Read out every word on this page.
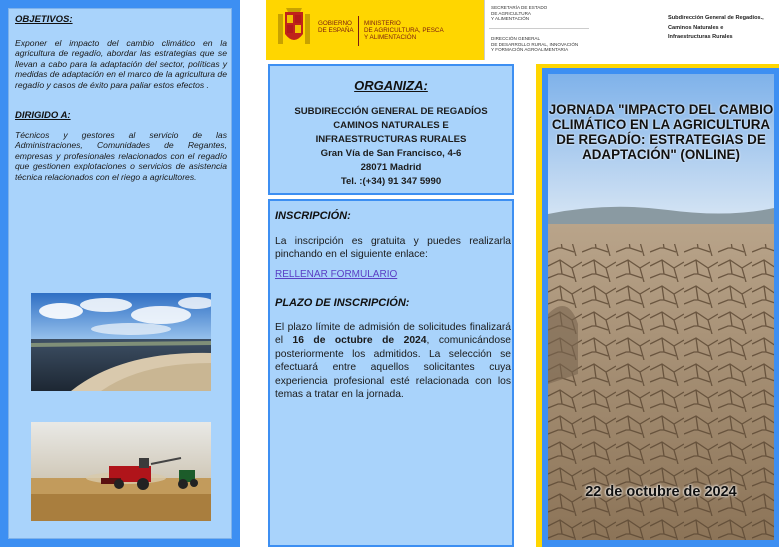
OBJETIVOS:
Exponer el impacto del cambio climático en la agricultura de regadío, abordar las estrategias que se llevan a cabo para la adaptación del sector, políticas y medidas de adaptación en el marco de la agricultura de regadío y casos de éxito para paliar estos efectos .
DIRIGIDO A:
Técnicos y gestores al servicio de las Administraciones, Comunidades de Regantes, empresas y profesionales relacionados con el regadío que gestionen explotaciones o servicios de asistencia técnica relacionados con el riego a agricultores.
GOBIERNO
DE ESPAÑA
MINISTERIO
DE AGRICULTURA, PESCA
Y ALIMENTACIÓN
SECRETARÍA DE ESTADO
DE AGRICULTURA
Y ALIMENTACIÓN
DIRECCIÓN GENERAL
DE DESARROLLO RURAL, INNOVACIÓN
Y FORMACIÓN AGROALIMENTARIA
ORGANIZA:
SUBDIRECCIÓN GENERAL DE REGADÍOS
CAMINOS NATURALES E
INFRAESTRUCTURAS RURALES
Gran Vía de San Francisco, 4-6
28071 Madrid
Tel. :(+34) 91 347 5990
INSCRIPCIÓN:
La inscripción es gratuita y puedes realizarla pinchando en el siguiente enlace:
RELLENAR FORMULARIO
PLAZO DE INSCRIPCIÓN:
El plazo límite de admisión de solicitudes finalizará el 16 de octubre de 2024, comunicándose posteriormente los admitidos. La selección se efectuará entre aquellos solicitantes cuya experiencia profesional esté relacionada con los temas a tratar en la jornada.
Subdirección General de Regadíos.,
Caminos Naturales e
Infraestructuras Rurales
JORNADA "IMPACTO DEL CAMBIO CLIMÁTICO EN LA AGRICULTURA DE REGADÍO: ESTRATEGIAS DE ADAPTACIÓN" (ONLINE)
22 de octubre de 2024
